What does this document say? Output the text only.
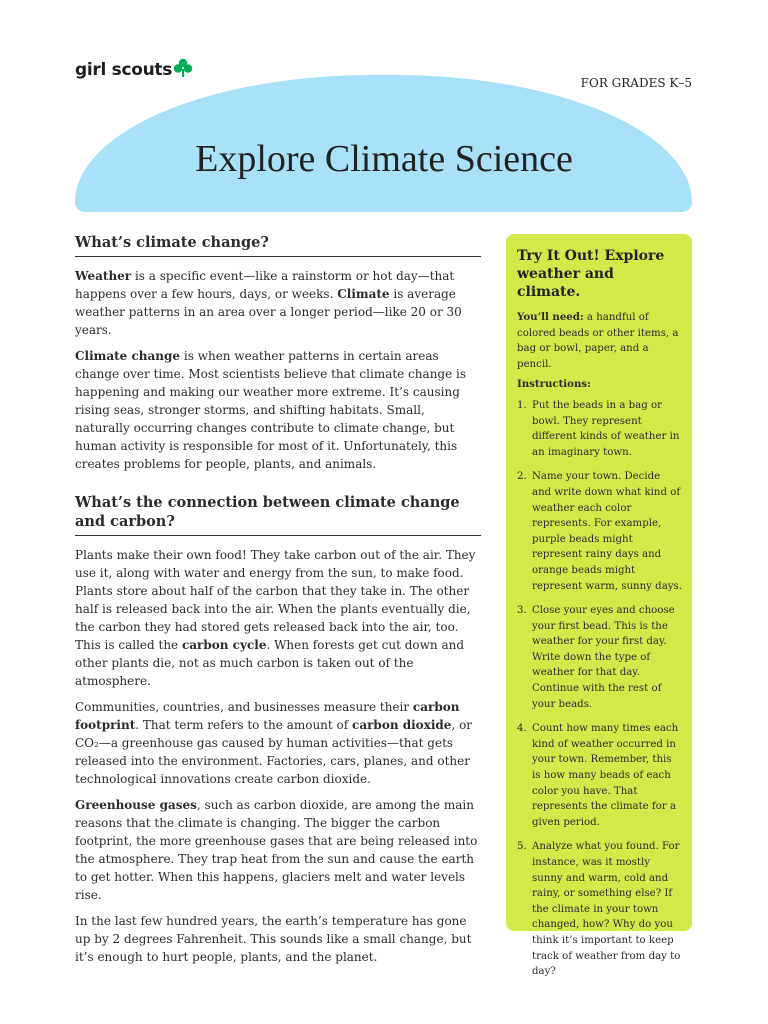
girl scouts
FOR GRADES K–5
Explore Climate Science
What’s climate change?

Weather is a specific event—like a rainstorm or hot day—that happens over a few hours, days, or weeks. Climate is average weather patterns in an area over a longer period—like 20 or 30 years.

Climate change is when weather patterns in certain areas change over time. Most scientists believe that climate change is happening and making our weather more extreme. It’s causing rising seas, stronger storms, and shifting habitats. Small, naturally occurring changes contribute to climate change, but human activity is responsible for most of it. Unfortunately, this creates problems for people, plants, and animals.

What’s the connection between climate change and carbon?

Plants make their own food! They take carbon out of the air. They use it, along with water and energy from the sun, to make food. Plants store about half of the carbon that they take in. The other half is released back into the air. When the plants eventually die, the carbon they had stored gets released back into the air, too. This is called the carbon cycle. When forests get cut down and other plants die, not as much carbon is taken out of the atmosphere.

Communities, countries, and businesses measure their carbon footprint. That term refers to the amount of carbon dioxide, or CO₂—a greenhouse gas caused by human activities—that gets released into the environment. Factories, cars, planes, and other technological innovations create carbon dioxide.

Greenhouse gases, such as carbon dioxide, are among the main reasons that the climate is changing. The bigger the carbon footprint, the more greenhouse gases that are being released into the atmosphere. They trap heat from the sun and cause the earth to get hotter. When this happens, glaciers melt and water levels rise.

In the last few hundred years, the earth’s temperature has gone up by 2 degrees Fahrenheit. This sounds like a small change, but it’s enough to hurt people, plants, and the planet.

Try It Out! Explore weather and climate.

You’ll need: a handful of colored beads or other items, a bag or bowl, paper, and a pencil.

Instructions:

1. Put the beads in a bag or bowl. They represent different kinds of weather in an imaginary town.
2. Name your town. Decide and write down what kind of weather each color represents. For example, purple beads might represent rainy days and orange beads might represent warm, sunny days.
3. Close your eyes and choose your first bead. This is the weather for your first day. Write down the type of weather for that day. Continue with the rest of your beads.
4. Count how many times each kind of weather occurred in your town. Remember, this is how many beads of each color you have. That represents the climate for a given period.
5. Analyze what you found. For instance, was it mostly sunny and warm, cold and rainy, or something else? If the climate in your town changed, how? Why do you think it’s important to keep track of weather from day to day?
